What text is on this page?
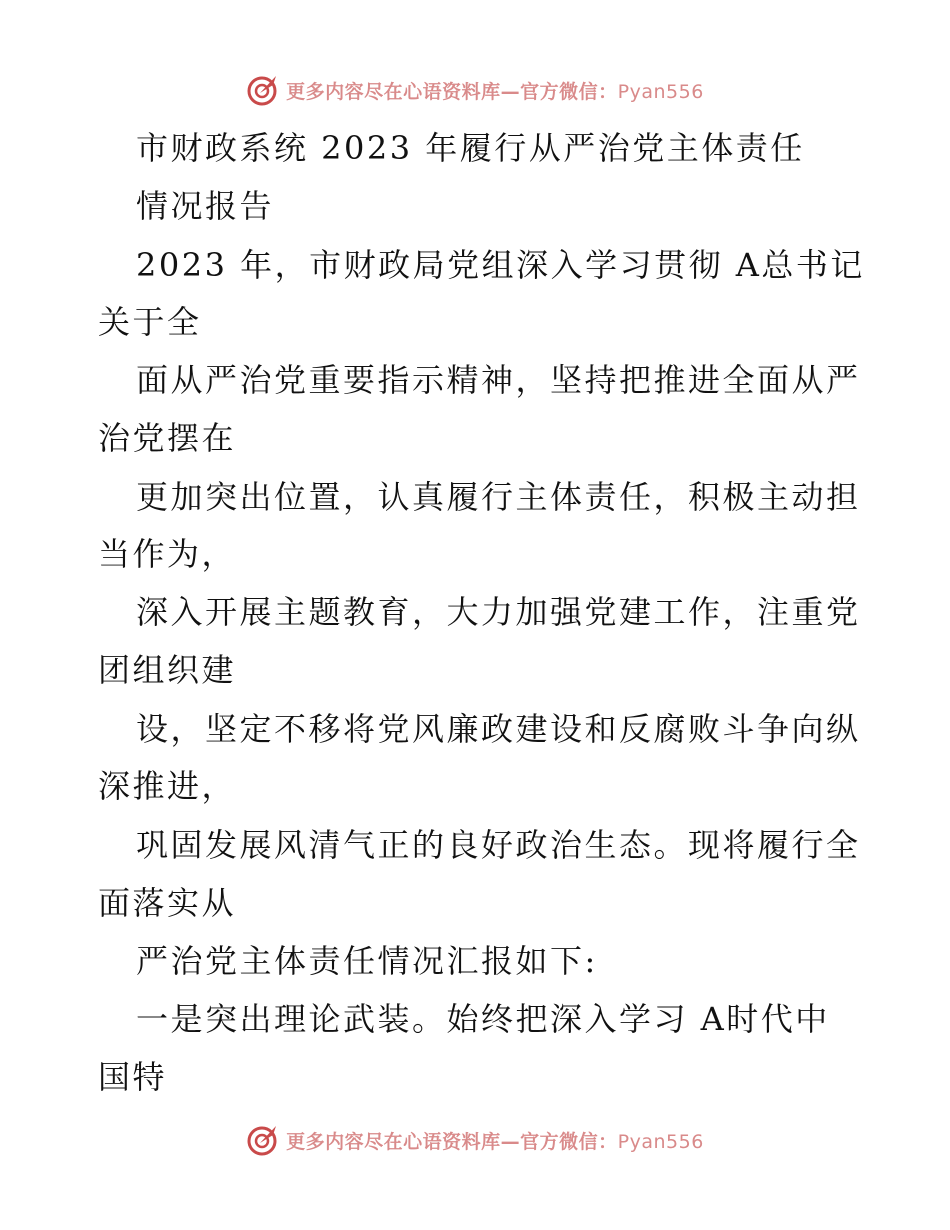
更多内容尽在心语资料库—官方微信：Pyan556
市财政系统 2023 年履行从严治党主体责任
情况报告
2023 年，市财政局党组深入学习贯彻 A总书记
关于全
面从严治党重要指示精神，坚持把推进全面从严
治党摆在
更加突出位置，认真履行主体责任，积极主动担
当作为，
深入开展主题教育，大力加强党建工作，注重党
团组织建
设，坚定不移将党风廉政建设和反腐败斗争向纵
深推进，
巩固发展风清气正的良好政治生态。现将履行全
面落实从
严治党主体责任情况汇报如下:
一是突出理论武装。始终把深入学习 A时代中
国特
更多内容尽在心语资料库—官方微信：Pyan556
